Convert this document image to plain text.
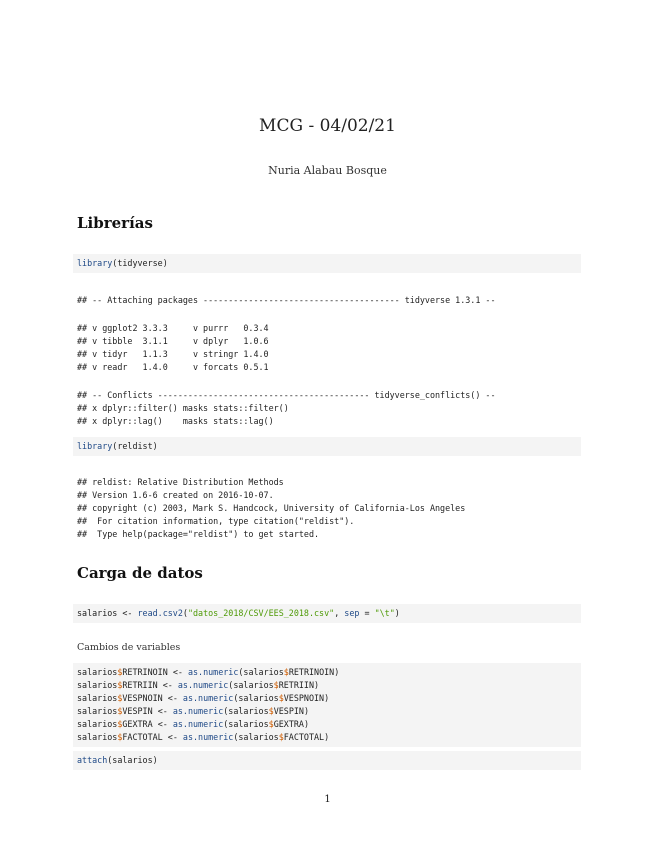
MCG - 04/02/21
Nuria Alabau Bosque
Librerías
library(tidyverse)
## -- Attaching packages --------------------------------------- tidyverse 1.3.1 --
## v ggplot2 3.3.3     v purrr   0.3.4
## v tibble  3.1.1     v dplyr   1.0.6
## v tidyr   1.1.3     v stringr 1.4.0
## v readr   1.4.0     v forcats 0.5.1
## -- Conflicts ------------------------------------------ tidyverse_conflicts() --
## x dplyr::filter() masks stats::filter()
## x dplyr::lag()    masks stats::lag()
library(reldist)
## reldist: Relative Distribution Methods
## Version 1.6-6 created on 2016-10-07.
## copyright (c) 2003, Mark S. Handcock, University of California-Los Angeles
##  For citation information, type citation("reldist").
##  Type help(package="reldist") to get started.
Carga de datos
salarios <- read.csv2("datos_2018/CSV/EES_2018.csv", sep = "\t")
Cambios de variables
salarios$RETRINOIN <- as.numeric(salarios$RETRINOIN)
salarios$RETRIIN <- as.numeric(salarios$RETRIIN)
salarios$VESPNOIN <- as.numeric(salarios$VESPNOIN)
salarios$VESPIN <- as.numeric(salarios$VESPIN)
salarios$GEXTRA <- as.numeric(salarios$GEXTRA)
salarios$FACTOTAL <- as.numeric(salarios$FACTOTAL)
attach(salarios)
1
